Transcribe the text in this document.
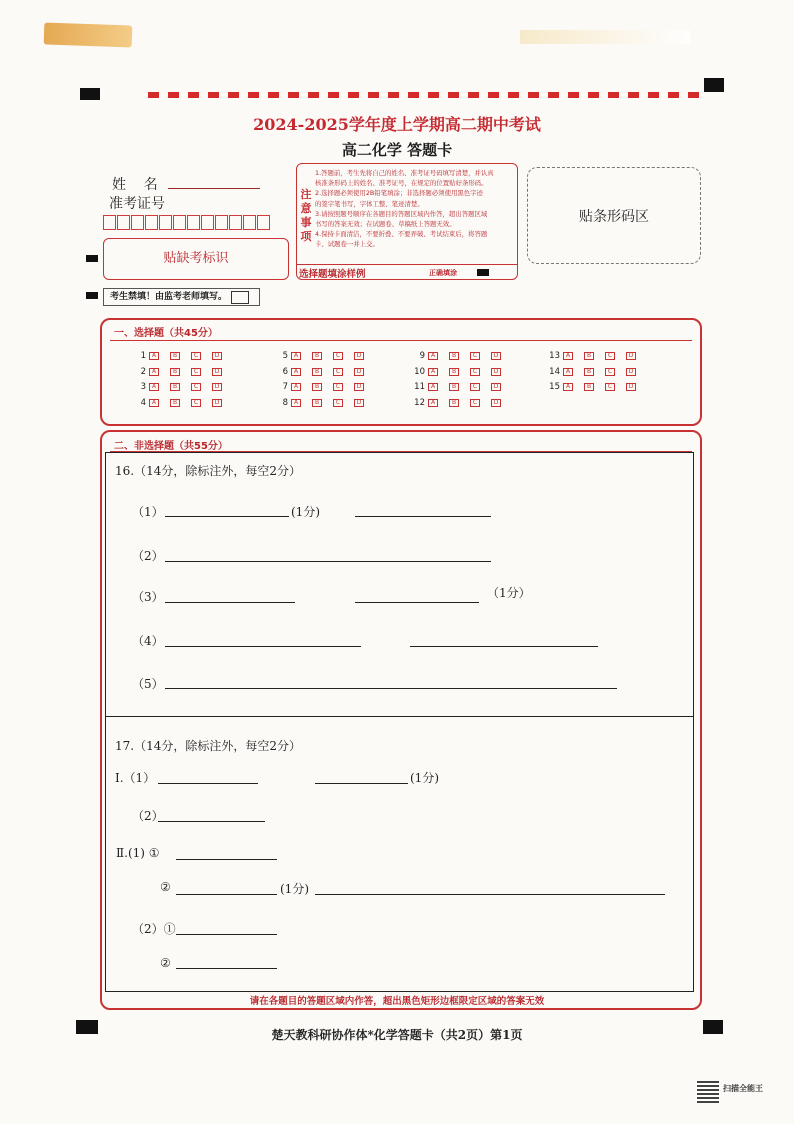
2024-2025学年度上学期高二期中考试
高二化学 答题卡
姓    名
准考证号
注意事项
1.答题前，考生先将自己的姓名、准考证号码填写清楚，并认真
核准条形码上的姓名、准考证号，在规定的位置贴好条形码。
2.选择题必须使用2B铅笔填涂；非选择题必须使用黑色字迹
的签字笔书写，字体工整、笔迹清楚。
3.请按照题号顺序在各题目的答题区域内作答，超出答题区域
书写的答案无效；在试题卷、草稿纸上答题无效。
4.保持卡面清洁，不要折叠、不要弄破、考试结束后，将答题
卡、试题卷一并上交。
选择题填涂样例	正确填涂
贴条形码区
贴缺考标识
考生禁填！由监考老师填写。
一、选择题（共45分）
1 A	B	C	D
2 A	B	C	D
3 A	B	C	D
4 A	B	C	D
5 A	B	C	D
6 A	B	C	D
7 A	B	C	D
8 A	B	C	D
9 A	B	C	D
10 A	B	C	D
11 A	B	C	D
12 A	B	C	D
13 A	B	C	D
14 A	B	C	D
15 A	B	C	D
二、非选择题（共55分）
16.（14分，除标注外，每空2分）
（1）	(1分)
（2）
（3）	（1分）
（4）
（5）
17.（14分，除标注外，每空2分）
Ⅰ.（1）	(1分)
（2）
Ⅱ.(1) ①
②	(1分)
（2）①
②
请在各题目的答题区域内作答，超出黑色矩形边框限定区域的答案无效
楚天教科研协作体*化学答题卡（共2页）第1页
扫描全能王
